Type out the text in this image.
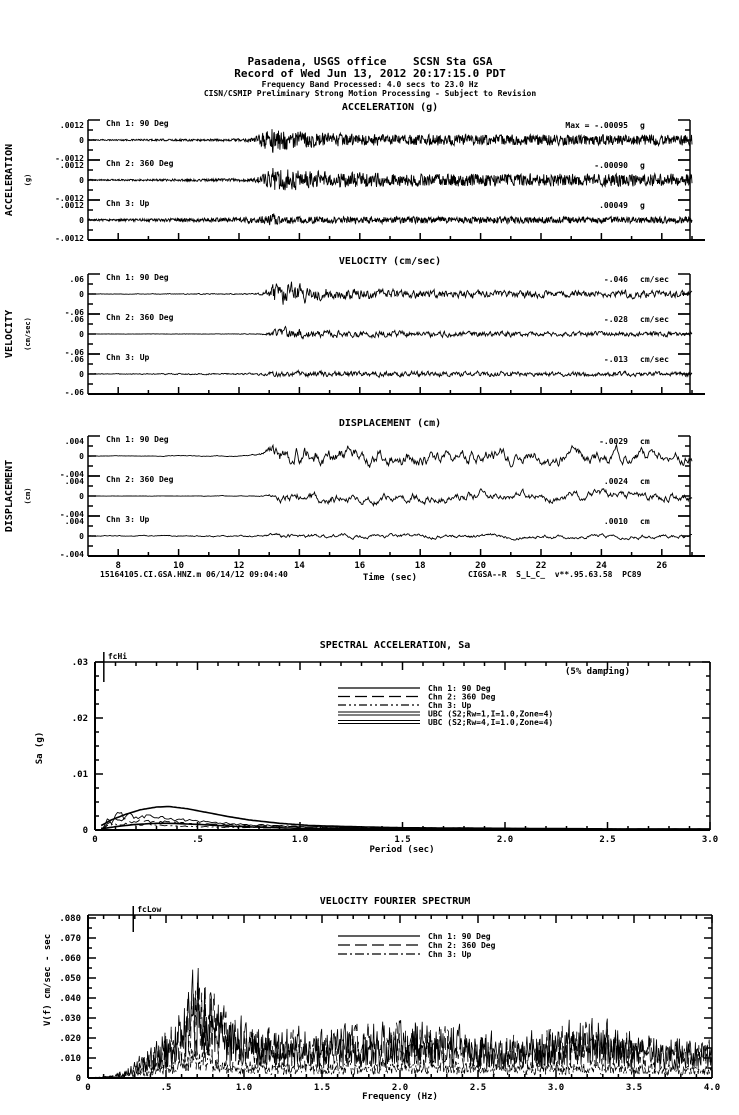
Pasadena, USGS office    SCSN Sta GSA
Record of Wed Jun 13, 2012 20:17:15.0 PDT
Frequency Band Processed: 4.0 secs to 23.0 Hz
CISN/CSMIP Preliminary Strong Motion Processing - Subject to Revision
ACCELERATION (g)
VELOCITY (cm/sec)
DISPLACEMENT (cm)
Chn 1: 90 Deg
.0012
0
-.0012
Max = -.00095 g
Chn 2: 360 Deg
.0012
0
-.0012
-.00090 g
Chn 3: Up
.0012
0
-.0012
.00049 g
ACCELERATION (g)
Chn 1: 90 Deg
.06
0
-.06
-.046 cm/sec
Chn 2: 360 Deg
.06
0
-.06
-.028 cm/sec
Chn 3: Up
.06
0
-.06
-.013 cm/sec
VELOCITY (cm/sec)
Chn 1: 90 Deg
.004
0
-.004
-.0029 cm
Chn 2: 360 Deg
.004
0
-.004
.0024 cm
Chn 3: Up
.004
0
-.004
.0010 cm
8	10	12	14	16	18	20	22	24	26
Time (sec)
DISPLACEMENT (cm)
15164105.CI.GSA.HNZ.m 06/14/12 09:04:40	CIGSA--R  S_L_C_  v**.95.63.58  PC89
SPECTRAL ACCELERATION, Sa
0
.01
.02
.03
0	.5	1.0	1.5	2.0	2.5	3.0
Period (sec)
Sa (g)
(5% damping)
fcHi
Chn 1: 90 Deg
Chn 2: 360 Deg
Chn 3: Up
UBC (S2;Rw=1,I=1.0,Zone=4)
UBC (S2;Rw=4,I=1.0,Zone=4)
VELOCITY FOURIER SPECTRUM
0
.010
.020
.030
.040
.050
.060
.070
.080
0	.5	1.0	1.5	2.0	2.5	3.0	3.5	4.0
Frequency (Hz)
V(f) cm/sec - sec
fcLow
Chn 1: 90 Deg
Chn 2: 360 Deg
Chn 3: Up
